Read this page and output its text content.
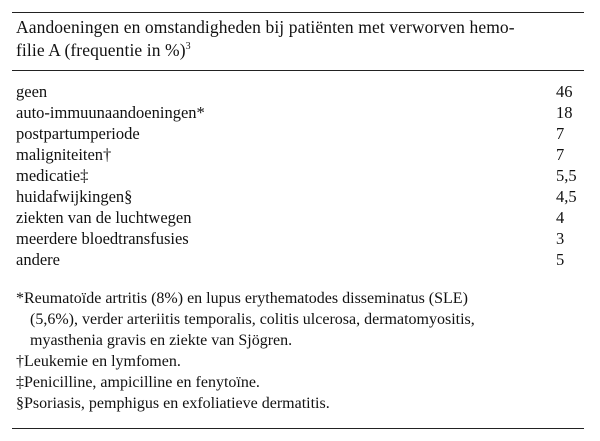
Aandoeningen en omstandigheden bij patiënten met verworven hemo-
filie A (frequentie in %)$^3$
geen	46
auto-immuunaandoeningen*	18
postpartumperiode	7
maligniteiten†	7
medicatie‡	5,5
huidafwijkingen§	4,5
ziekten van de luchtwegen	4
meerdere bloedtransfusies	3
andere	5

*Reumatoïde artritis (8%) en lupus erythematodes disseminatus (SLE)
(5,6%), verder arteriitis temporalis, colitis ulcerosa, dermatomyositis,
myasthenia gravis en ziekte van Sjögren.

†Leukemie en lymfomen.

‡Penicilline, ampicilline en fenytoïne.

§Psoriasis, pemphigus en exfoliatieve dermatitis.
